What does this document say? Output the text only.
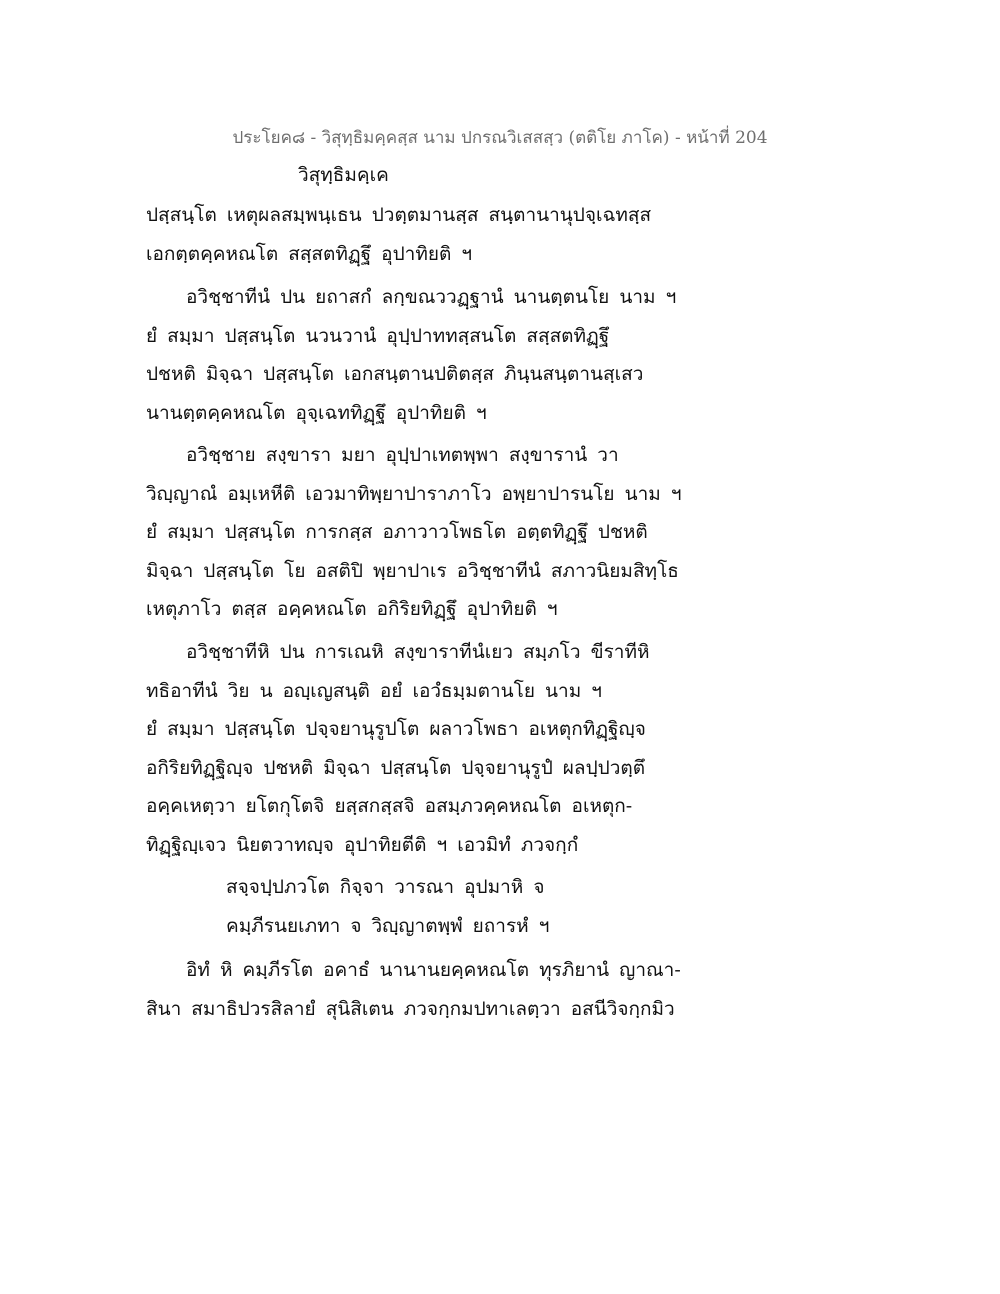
ประโยค๘ - วิสุทฺธิมคฺคสฺส นาม ปกรณวิเสสสฺว (ตติโย ภาโค) - หน้าที่ 204
วิสุทฺธิมคฺเค
ปสฺสนฺโต เหตุผลสมฺพนฺเธน ปวตฺตมานสฺส สนฺตานานุปจฺเฉทสฺส
เอกตฺตคฺคหณโต สสฺสตทิฏฺฐึ อุปาทิยติ ฯ
อวิชฺชาทีนํ ปน ยถาสกํ ลกฺขณววฏฺฐานํ นานตฺตนโย นาม ฯ
ยํ สมฺมา ปสฺสนฺโต นวนวานํ อุปฺปาททสฺสนโต สสฺสตทิฏฺฐึ
ปชหติ มิจฺฉา ปสฺสนฺโต เอกสนฺตานปติตสฺส ภินฺนสนฺตานสฺเสว
นานตฺตคฺคหณโต อุจฺเฉททิฏฺฐึ อุปาทิยติ ฯ
อวิชฺชาย สงฺขารา มยา อุปฺปาเทตพฺพา สงฺขารานํ วา
วิญฺญาณํ อมฺเหหีติ เอวมาทิพฺยาปาราภาโว อพฺยาปารนโย นาม ฯ
ยํ สมฺมา ปสฺสนฺโต การกสฺส อภาวาวโพธโต อตฺตทิฏฺฐึ ปชหติ
มิจฺฉา ปสฺสนฺโต โย อสติปิ พฺยาปาเร อวิชฺชาทีนํ สภาวนิยมสิทฺโธ
เหตุภาโว ตสฺส อคฺคหณโต อกิริยทิฏฺฐึ อุปาทิยติ ฯ
อวิชฺชาทีหิ ปน การเณหิ สงฺขาราทีนํเยว สมฺภโว ขีราทีหิ
ทธิอาทีนํ วิย น อญฺเญสนฺติ อยํ เอวํธมฺมตานโย นาม ฯ
ยํ สมฺมา ปสฺสนฺโต ปจฺจยานุรูปโต ผลาวโพธา อเหตุกทิฏฺฐิญฺจ
อกิริยทิฏฺฐิญฺจ ปชหติ มิจฺฉา ปสฺสนฺโต ปจฺจยานุรูปํ ผลปฺปวตฺตึ
อคฺคเหตฺวา ยโตกุโตจิ ยสฺสกสฺสจิ อสมฺภวคฺคหณโต อเหตุก-
ทิฏฺฐิญฺเจว นิยตวาทญฺจ อุปาทิยตีติ ฯ เอวมิทํ ภวจกฺกํ
สจฺจปฺปภวโต กิจฺจา วารณา อุปมาหิ จ
คมฺภีรนยเภทา จ วิญฺญาตพฺพํ ยถารหํ ฯ
อิทํ หิ คมฺภีรโต อคาธํ นานานยคฺคหณโต ทุรภิยานํ ญาณา-
สินา สมาธิปวรสิลายํ สุนิสิเตน ภวจกฺกมปทาเลตฺวา อสนีวิจกฺกมิว
